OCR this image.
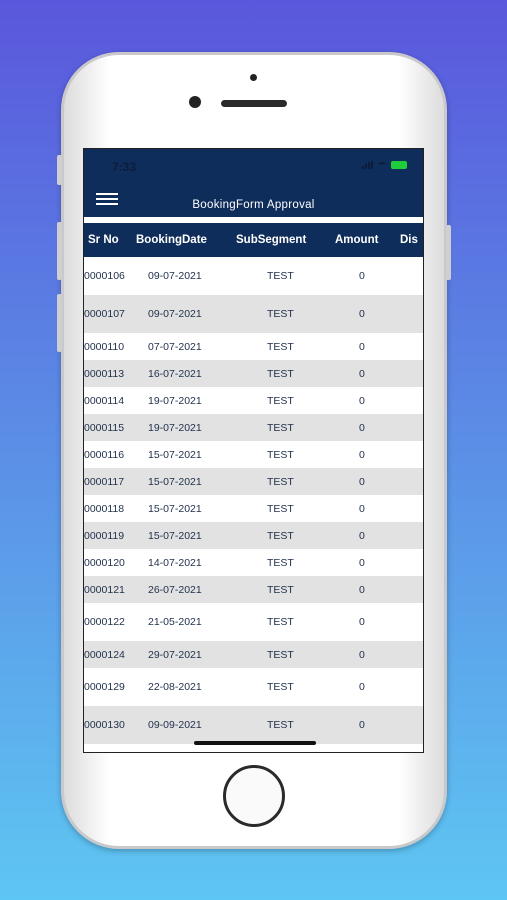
7:33
BookingForm Approval
Sr No BookingDate	SubSegment Amount Dis
0000106 09-07-2021	TEST	0
0000107 09-07-2021	TEST	0
0000110 07-07-2021	TEST	0
0000113 16-07-2021	TEST	0
0000114 19-07-2021	TEST	0
0000115 19-07-2021	TEST	0
0000116 15-07-2021	TEST	0
0000117 15-07-2021	TEST	0
0000118 15-07-2021	TEST	0
0000119 15-07-2021	TEST	0
0000120 14-07-2021	TEST	0
0000121 26-07-2021	TEST	0
0000122 21-05-2021	TEST	0
0000124 29-07-2021	TEST	0
0000129 22-08-2021	TEST	0
0000130 09-09-2021	TEST	0
